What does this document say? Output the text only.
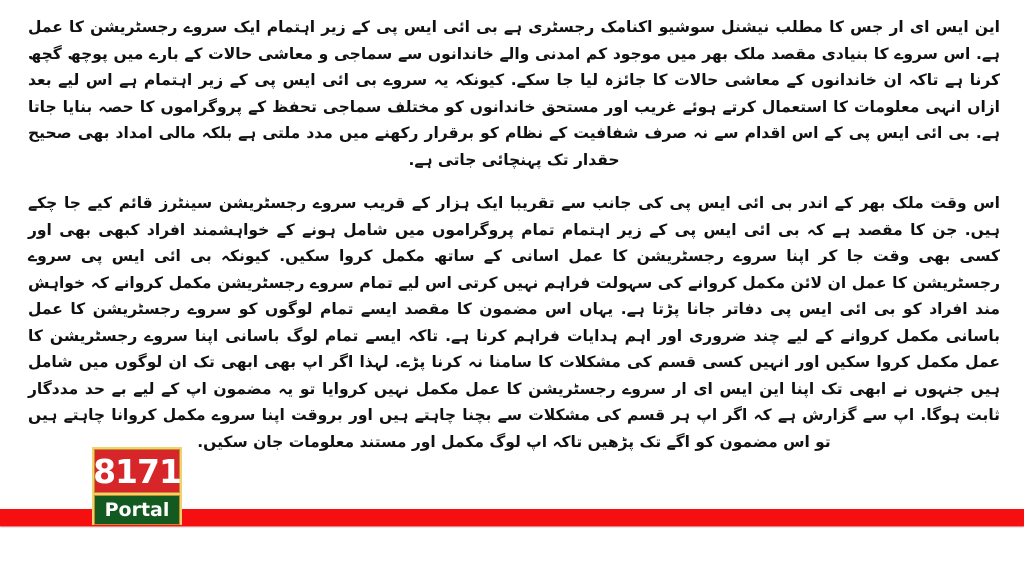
این ایس ای ار جس کا مطلب نیشنل سوشیو اکنامک رجسٹری ہے بی ائی ایس پی کے زیر اہتمام ایک سروے رجسٹریشن کا عمل ہے. اس سروے کا بنیادی مقصد ملک بھر میں موجود کم امدنی والے خاندانوں سے سماجی و معاشی حالات کے بارے میں پوچھ گچھ کرنا ہے تاکہ ان خاندانوں کے معاشی حالات کا جائزہ لیا جا سکے. کیونکہ یہ سروے بی ائی ایس پی کے زیر اہتمام ہے اس لیے بعد ازاں انہی معلومات کا استعمال کرتے ہوئے غریب اور مستحق خاندانوں کو مختلف سماجی تحفظ کے پروگراموں کا حصہ بنایا جاتا ہے. بی ائی ایس پی کے اس اقدام سے نہ صرف شفافیت کے نظام کو برقرار رکھنے میں مدد ملتی ہے بلکہ مالی امداد بھی صحیح حقدار تک پہنچائی جاتی ہے.
اس وقت ملک بھر کے اندر بی ائی ایس پی کی جانب سے تقریبا ایک ہزار کے قریب سروے رجسٹریشن سینٹرز قائم کیے جا چکے ہیں. جن کا مقصد ہے کہ بی ائی ایس پی کے زیر اہتمام تمام پروگراموں میں شامل ہونے کے خواہشمند افراد کبھی بھی اور کسی بھی وقت جا کر اپنا سروے رجسٹریشن کا عمل اسانی کے ساتھ مکمل کروا سکیں. کیونکہ بی ائی ایس پی سروے رجسٹریشن کا عمل ان لائن مکمل کروانے کی سہولت فراہم نہیں کرتی اس لیے تمام سروے رجسٹریشن مکمل کروانے کہ خواہش مند افراد کو بی ائی ایس پی دفاتر جانا پڑتا ہے. یہاں اس مضمون کا مقصد ایسے تمام لوگوں کو سروے رجسٹریشن کا عمل باسانی مکمل کروانے کے لیے چند ضروری اور اہم ہدایات فراہم کرنا ہے. تاکہ ایسے تمام لوگ باسانی اپنا سروے رجسٹریشن کا عمل مکمل کروا سکیں اور انہیں کسی قسم کی مشکلات کا سامنا نہ کرنا پڑے. لہذا اگر اپ بھی ابھی تک ان لوگوں میں شامل ہیں جنہوں نے ابھی تک اپنا این ایس ای ار سروے رجسٹریشن کا عمل مکمل نہیں کروایا تو یہ مضمون اپ کے لیے بے حد مددگار ثابت ہوگا. اپ سے گزارش ہے کہ اگر اپ ہر قسم کی مشکلات سے بچنا چاہتے ہیں اور بروقت اپنا سروے مکمل کروانا چاہتے ہیں تو اس مضمون کو اگے تک پڑھیں تاکہ اپ لوگ مکمل اور مستند معلومات جان سکیں.
8171
Portal
